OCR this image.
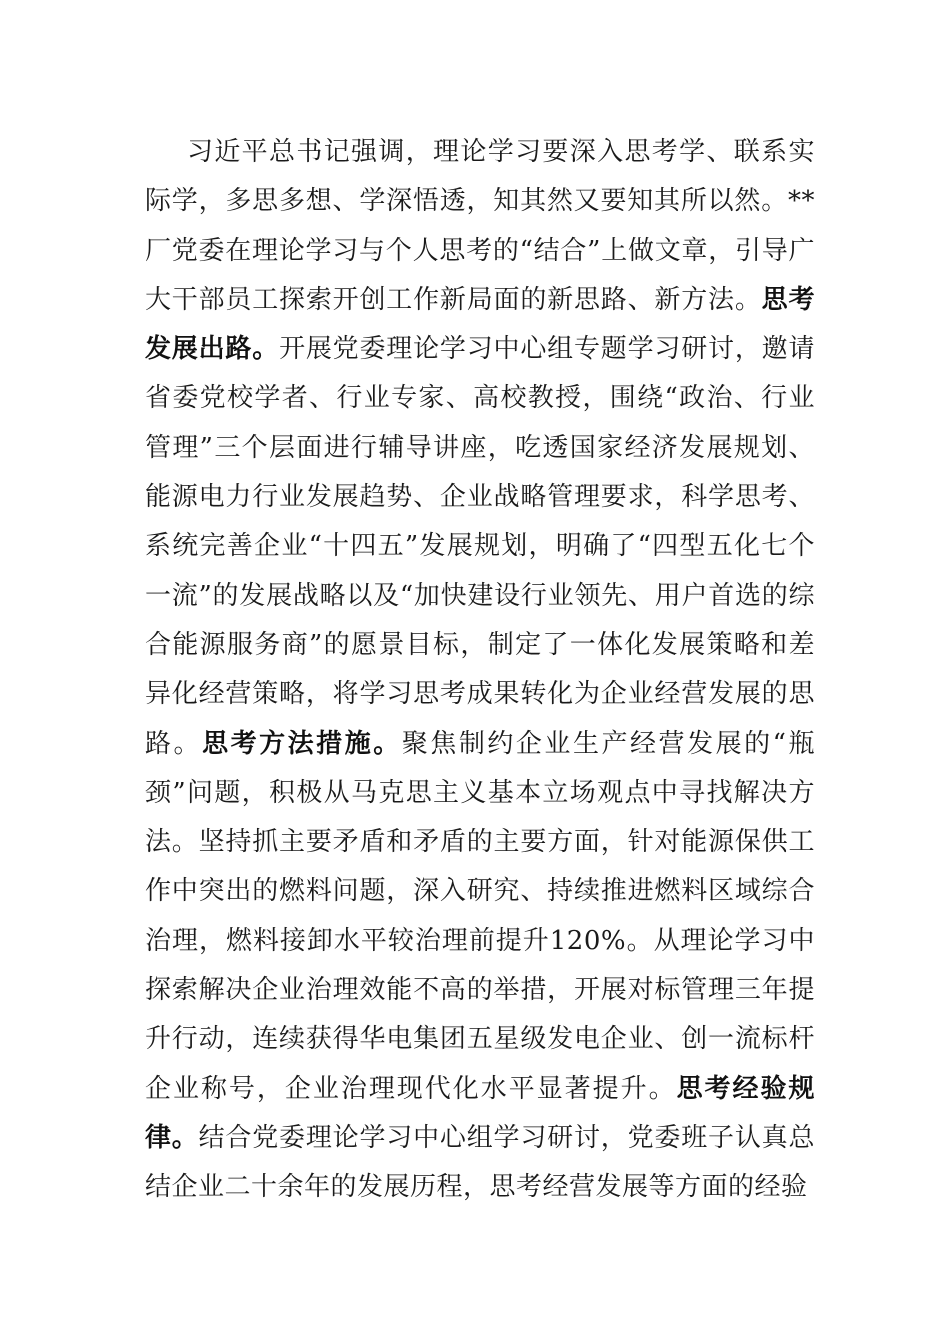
习近平总书记强调，理论学习要深入思考学、联系实际学，多思多想、学深悟透，知其然又要知其所以然。**厂党委在理论学习与个人思考的“结合”上做文章，引导广大干部员工探索开创工作新局面的新思路、新方法。思考发展出路。开展党委理论学习中心组专题学习研讨，邀请省委党校学者、行业专家、高校教授，围绕“政治、行业管理”三个层面进行辅导讲座，吃透国家经济发展规划、能源电力行业发展趋势、企业战略管理要求，科学思考、系统完善企业“十四五”发展规划，明确了“四型五化七个一流”的发展战略以及“加快建设行业领先、用户首选的综合能源服务商”的愿景目标，制定了一体化发展策略和差异化经营策略，将学习思考成果转化为企业经营发展的思路。思考方法措施。聚焦制约企业生产经营发展的“瓶颈”问题，积极从马克思主义基本立场观点中寻找解决方法。坚持抓主要矛盾和矛盾的主要方面，针对能源保供工作中突出的燃料问题，深入研究、持续推进燃料区域综合治理，燃料接卸水平较治理前提升120%。从理论学习中探索解决企业治理效能不高的举措，开展对标管理三年提升行动，连续获得华电集团五星级发电企业、创一流标杆企业称号，企业治理现代化水平显著提升。思考经验规律。结合党委理论学习中心组学习研讨，党委班子认真总结企业二十余年的发展历程，思考经营发展等方面的经验
